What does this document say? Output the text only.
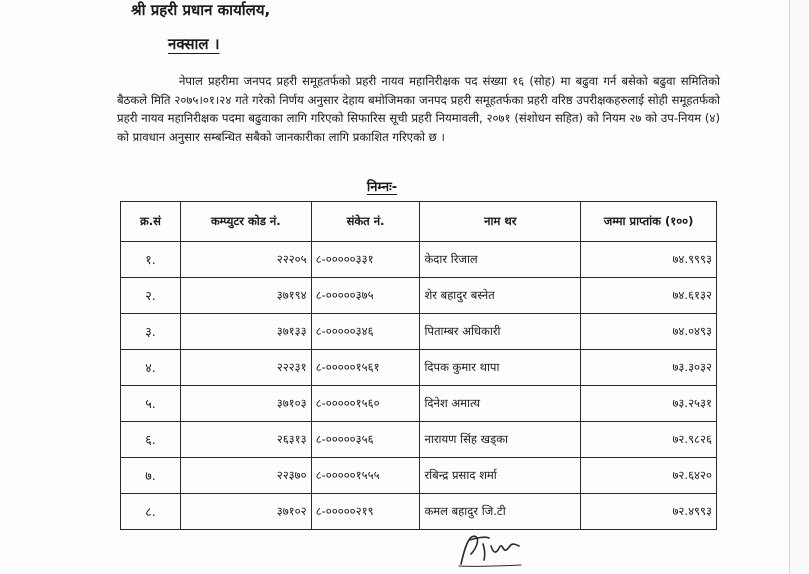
श्री प्रहरी प्रधान कार्यालय,
नक्साल ।
नेपाल प्रहरीमा जनपद प्रहरी समूहतर्फको प्रहरी नायव महानिरीक्षक पद संख्या १६ (सोह) मा बढुवा गर्न बसेको बढुवा समितिको बैठकले मिति २०७५।०१।२४ गते गरेको निर्णय अनुसार देहाय बमोजिमका जनपद प्रहरी समूहतर्फका प्रहरी वरिष्ठ उपरीक्षकहरुलाई सोही समूहतर्फको प्रहरी नायव महानिरीक्षक पदमा बढुवाका लागि गरिएको सिफारिस सूची प्रहरी नियमावली, २०७१ (संशोधन सहित) को नियम २७ को उप-नियम (४) को प्रावधान अनुसार सम्बन्धित सबैको जानकारीका लागि प्रकाशित गरिएको छ ।
निम्नः-
क्र.सं	कम्प्युटर कोड नं.	संकेत नं.	नाम थर	जम्मा प्राप्तांक (१००)
१.	२२२०५	८-०००००३३१	केदार रिजाल	७४.९९९३
२.	३७१९४	८-०००००३७५	शेर बहादुर बस्नेत	७४.६१३२
३.	३७१३३	८-०००००३४६	पिताम्बर अधिकारी	७४.०४९३
४.	२२२३१	८-०००००१५६१	दिपक कुमार थापा	७३.३०३२
५.	३७१०३	८-०००००१५६०	दिनेश अमात्य	७३.२५३१
६.	२६३१३	८-०००००३५६	नारायण सिंह खड्का	७२.९८२६
७.	२२३७०	८-०००००१५५५	रबिन्द्र प्रसाद शर्मा	७२.६४२०
८.	३७१०२	८-०००००२१९	कमल बहादुर जि.टी	७२.४९९३
